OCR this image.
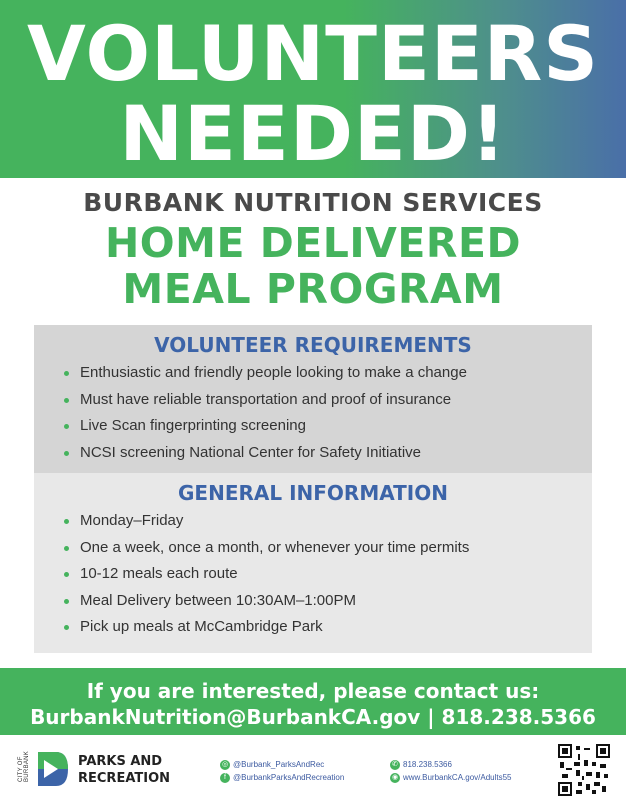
VOLUNTEERS
NEEDED!
BURBANK NUTRITION SERVICES
HOME DELIVERED
MEAL PROGRAM
VOLUNTEER REQUIREMENTS
Enthusiastic and friendly people looking to make a change
Must have reliable transportation and proof of insurance
Live Scan fingerprinting screening
NCSI screening National Center for Safety Initiative
GENERAL INFORMATION
Monday–Friday
One a week, once a month, or whenever your time permits
10-12 meals each route
Meal Delivery between 10:30AM–1:00PM
Pick up meals at McCambridge Park
If you are interested, please contact us:
BurbankNutrition@BurbankCA.gov | 818.238.5366
CITY OF BURBANK	PARKS AND
RECREATION
◎ @Burbank_ParksAndRec
f @BurbankParksAndRecreation
✆ 818.238.5366
◉ www.BurbankCA.gov/Adults55
